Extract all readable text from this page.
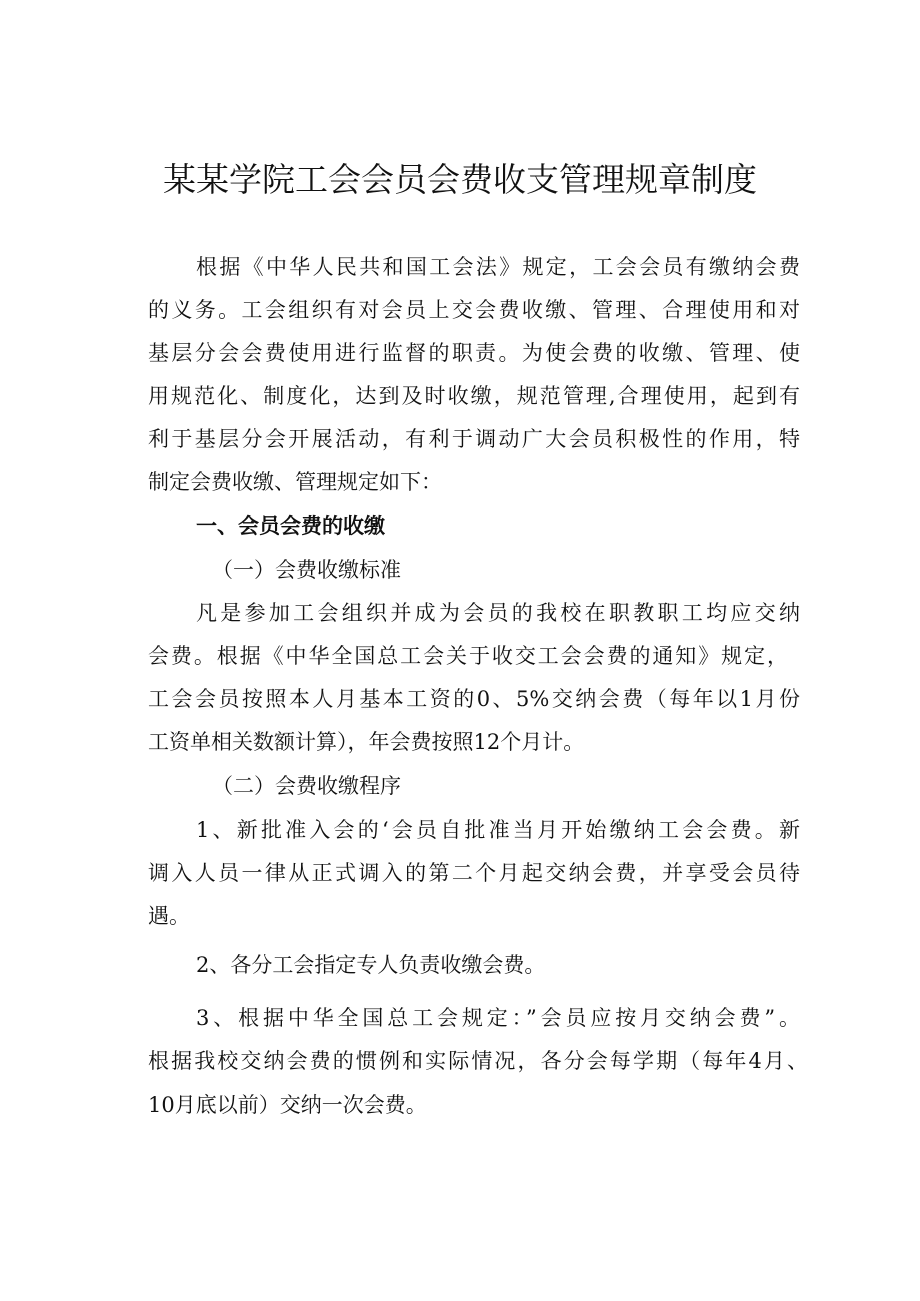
某某学院工会会员会费收支管理规章制度
根据《中华人民共和国工会法》规定，工会会员有缴纳会费
的义务。工会组织有对会员上交会费收缴、管理、合理使用和对
基层分会会费使用进行监督的职责。为使会费的收缴、管理、使
用规范化、制度化，达到及时收缴，规范管理,合理使用，起到有
利于基层分会开展活动，有利于调动广大会员积极性的作用，特
制定会费收缴、管理规定如下：
一、会员会费的收缴
（一）会费收缴标准
凡是参加工会组织并成为会员的我校在职教职工均应交纳
会费。根据《中华全国总工会关于收交工会会费的通知》规定，
工会会员按照本人月基本工资的0、5%交纳会费（每年以1月份
工资单相关数额计算），年会费按照12个月计。
（二）会费收缴程序
1、新批准入会的‘会员自批准当月开始缴纳工会会费。新
调入人员一律从正式调入的第二个月起交纳会费，并享受会员待
遇。
2、各分工会指定专人负责收缴会费。
3、根据中华全国总工会规定：”会员应按月交纳会费”。
根据我校交纳会费的惯例和实际情况，各分会每学期（每年4月、
10月底以前）交纳一次会费。
